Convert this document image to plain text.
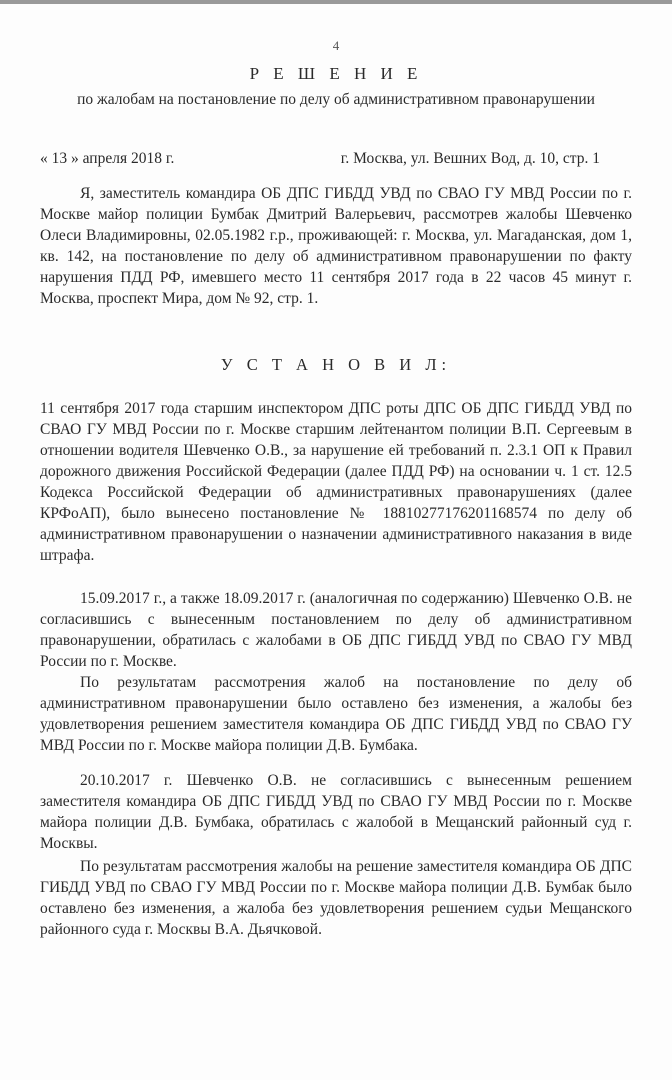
4
Р Е Ш Е Н И Е
по жалобам на постановление по делу об административном правонарушении
« 13 » апреля 2018 г.	г. Москва, ул. Вешних Вод, д. 10, стр. 1

Я, заместитель командира ОБ ДПС ГИБДД УВД по СВАО ГУ МВД России по г. Москве майор полиции Бумбак Дмитрий Валерьевич, рассмотрев жалобы Шевченко Олеси Владимировны, 02.05.1982 г.р., проживающей: г. Москва, ул. Магаданская, дом 1, кв. 142, на постановление по делу об административном правонарушении по факту нарушения ПДД РФ, имевшего место 11 сентября 2017 года в 22 часов 45 минут г. Москва, проспект Мира, дом № 92, стр. 1.

У С Т А Н О В И Л:

11 сентября 2017 года старшим инспектором ДПС роты ДПС ОБ ДПС ГИБДД УВД по СВАО ГУ МВД России по г. Москве старшим лейтенантом полиции В.П. Сергеевым в отношении водителя Шевченко О.В., за нарушение ей требований п. 2.3.1 ОП к Правил дорожного движения Российской Федерации (далее ПДД РФ) на основании ч. 1 ст. 12.5 Кодекса Российской Федерации об административных правонарушениях (далее КРФоАП), было вынесено постановление № 18810277176201168574 по делу об административном правонарушении о назначении административного наказания в виде штрафа.

15.09.2017 г., а также 18.09.2017 г. (аналогичная по содержанию) Шевченко О.В. не согласившись с вынесенным постановлением по делу об административном правонарушении, обратилась с жалобами в ОБ ДПС ГИБДД УВД по СВАО ГУ МВД России по г. Москве.

По результатам рассмотрения жалоб на постановление по делу об административном правонарушении было оставлено без изменения, а жалобы без удовлетворения решением заместителя командира ОБ ДПС ГИБДД УВД по СВАО ГУ МВД России по г. Москве майора полиции Д.В. Бумбака.

20.10.2017 г. Шевченко О.В. не согласившись с вынесенным решением заместителя командира ОБ ДПС ГИБДД УВД по СВАО ГУ МВД России по г. Москве майора полиции Д.В. Бумбака, обратилась с жалобой в Мещанский районный суд г. Москвы.

По результатам рассмотрения жалобы на решение заместителя командира ОБ ДПС ГИБДД УВД по СВАО ГУ МВД России по г. Москве майора полиции Д.В. Бумбак было оставлено без изменения, а жалоба без удовлетворения решением судьи Мещанского районного суда г. Москвы В.А. Дьячковой.
